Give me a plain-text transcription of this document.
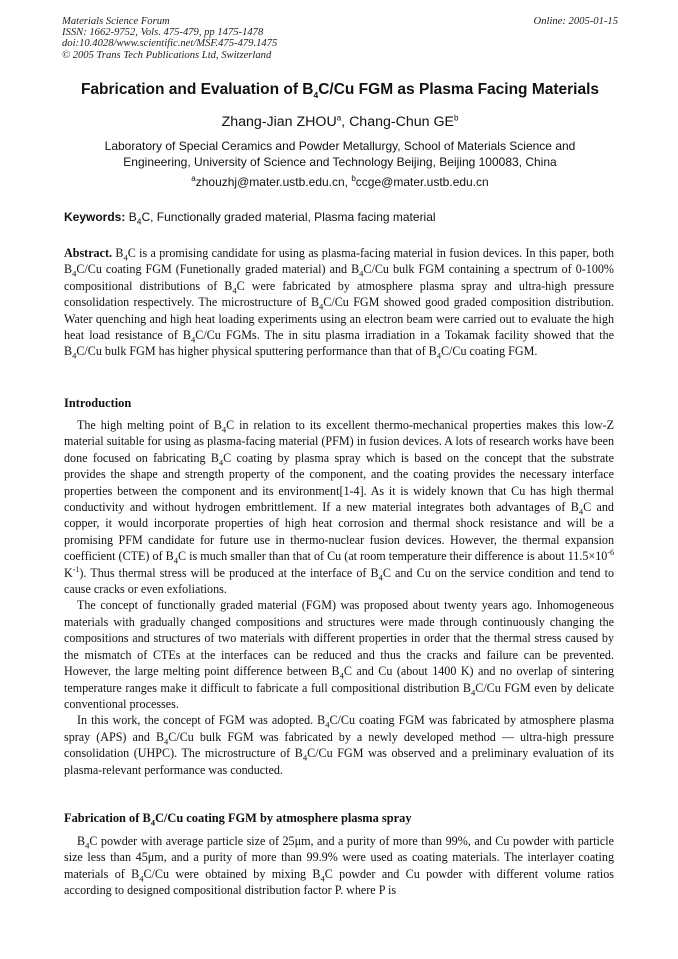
Materials Science Forum	Online: 2005-01-15
ISSN: 1662-9752, Vols. 475-479, pp 1475-1478
doi:10.4028/www.scientific.net/MSF.475-479.1475
© 2005 Trans Tech Publications Ltd, Switzerland
Fabrication and Evaluation of $B_4C/Cu$ FGM as Plasma Facing Materials
Zhang-Jian ZHOU$^a$, Chang-Chun $GE^b$
Laboratory of Special Ceramics and Powder Metallurgy, School of Materials Science and
Engineering, University of Science and Technology Beijing, Beijing 100083, China
$^a$zhouzhj@mater.ustb.edu.cn, $^b$ccge@mater.ustb.edu.cn
Keywords: $B_4C$, Functionally graded material, Plasma facing material

Abstract. $B_4C$ is a promising candidate for using as plasma-facing material in fusion devices. In this paper, both $B_4C/Cu$ coating FGM (Funetionally graded material) and $B_4C/Cu$ bulk FGM containing a spectrum of 0-100% compositional distributions of $B_4C$ were fabricated by atmosphere plasma spray and ultra-high pressure consolidation respectively. The microstructure of $B_4C/Cu$ FGM showed good graded composition distribution. Water quenching and high heat loading experiments using an electron beam were carried out to evaluate the high heat load resistance of $B_4C/Cu$ FGMs. The in situ plasma irradiation in a Tokamak facility showed that the $B_4C/Cu$ bulk FGM has higher physical sputtering performance than that of $B_4C/Cu$ coating FGM.

Introduction

The high melting point of $B_4C$ in relation to its excellent thermo-mechanical properties makes this low-Z material suitable for using as plasma-facing material (PFM) in fusion devices. A lots of research works have been done focused on fabricating $B_4C$ coating by plasma spray which is based on the concept that the substrate provides the shape and strength property of the component, and the coating provides the necessary interface properties between the component and its environment[1-4]. As it is widely known that Cu has high thermal conductivity and without hydrogen embrittlement. If a new material integrates both advantages of $B_4C$ and copper, it would incorporate properties of high heat corrosion and thermal shock resistance and will be a promising PFM candidate for future use in thermo-nuclear fusion devices. However, the thermal expansion coefficient (CTE) of $B_4C$ is much smaller than that of Cu (at room temperature their difference is about $11.5\times 10^{-6}$ $K^{-1}$). Thus thermal stress will be produced at the interface of $B_4C$ and Cu on the service condition and tend to cause cracks or even exfoliations.

The concept of functionally graded material (FGM) was proposed about twenty years ago. Inhomogeneous materials with gradually changed compositions and structures were made through continuously changing the compositions and structures of two materials with different properties in order that the thermal stress caused by the mismatch of CTEs at the interfaces can be reduced and thus the cracks and failure can be prevented. However, the large melting point difference between $B_4C$ and Cu (about 1400 K) and no overlap of sintering temperature ranges make it difficult to fabricate a full compositional distribution $B_4C/Cu$ FGM even by delicate conventional processes.

In this work, the concept of FGM was adopted. $B_4C/Cu$ coating FGM was fabricated by atmosphere plasma spray (APS) and $B_4C/Cu$ bulk FGM was fabricated by a newly developed method — ultra-high pressure consolidation (UHPC). The microstructure of $B_4C/Cu$ FGM was observed and a preliminary evaluation of its plasma-relevant performance was conducted.

Fabrication of $B_4C/Cu$ coating FGM by atmosphere plasma spray

$B_4C$ powder with average particle size of 25μm, and a purity of more than 99%, and Cu powder with particle size less than 45μm, and a purity of more than 99.9% were used as coating materials. The interlayer coating materials of $B_4C/Cu$ were obtained by mixing $B_4C$ powder and Cu powder with different volume ratios according to designed compositional distribution factor P. where P is
